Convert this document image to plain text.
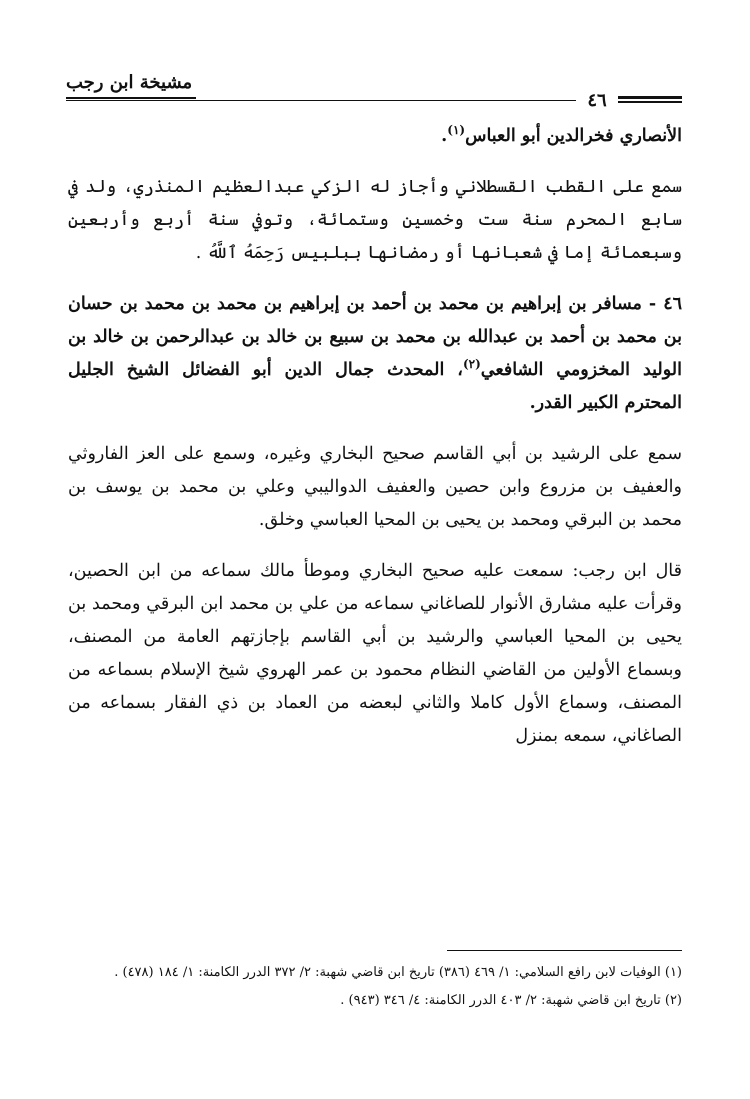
مشيخة ابن رجب
٤٦

الأنصاري فخرالدين أبو العباس$^{(١)}$.

سمع على القطب القسطلاني وأجاز له الزكي عبدالعظيم المنذري، ولد في سابع المحرم سنة ست وخمسين وستمائة، وتوفي سنة أربع وأربعين وسبعمائة إما في شعبانها أو رمضانها ببلبيس رَحِمَهُ ٱللَّهُ .

٤٦ - مسافر بن إبراهيم بن محمد بن أحمد بن إبراهيم بن محمد بن محمد بن حسان بن محمد بن أحمد بن عبدالله بن محمد بن سبيع بن خالد بن عبدالرحمن بن خالد بن الوليد المخزومي الشافعي$^{(٢)}$، المحدث جمال الدين أبو الفضائل الشيخ الجليل المحترم الكبير القدر.

سمع على الرشيد بن أبي القاسم صحيح البخاري وغيره، وسمع على العز الفاروثي والعفيف بن مزروع وابن حصين والعفيف الدواليبي وعلي بن محمد بن يوسف بن محمد بن البرقي ومحمد بن يحيى بن المحيا العباسي وخلق.

قال ابن رجب: سمعت عليه صحيح البخاري وموطأ مالك سماعه من ابن الحصين، وقرأت عليه مشارق الأنوار للصاغاني سماعه من علي بن محمد ابن البرقي ومحمد بن يحيى بن المحيا العباسي والرشيد بن أبي القاسم بإجازتهم العامة من المصنف، وبسماع الأولين من القاضي النظام محمود بن عمر الهروي شيخ الإسلام بسماعه من المصنف، وسماع الأول كاملا والثاني لبعضه من العماد بن ذي الفقار بسماعه من الصاغاني، سمعه بمنزل

(١) الوفيات لابن رافع السلامي: ١/ ٤٦٩ (٣٨٦) تاريخ ابن قاضي شهبة: ٢/ ٣٧٢ الدرر الكامنة: ١/ ١٨٤ (٤٧٨) .

(٢) تاريخ ابن قاضي شهبة: ٢/ ٤٠٣ الدرر الكامنة: ٤/ ٣٤٦ (٩٤٣) .
